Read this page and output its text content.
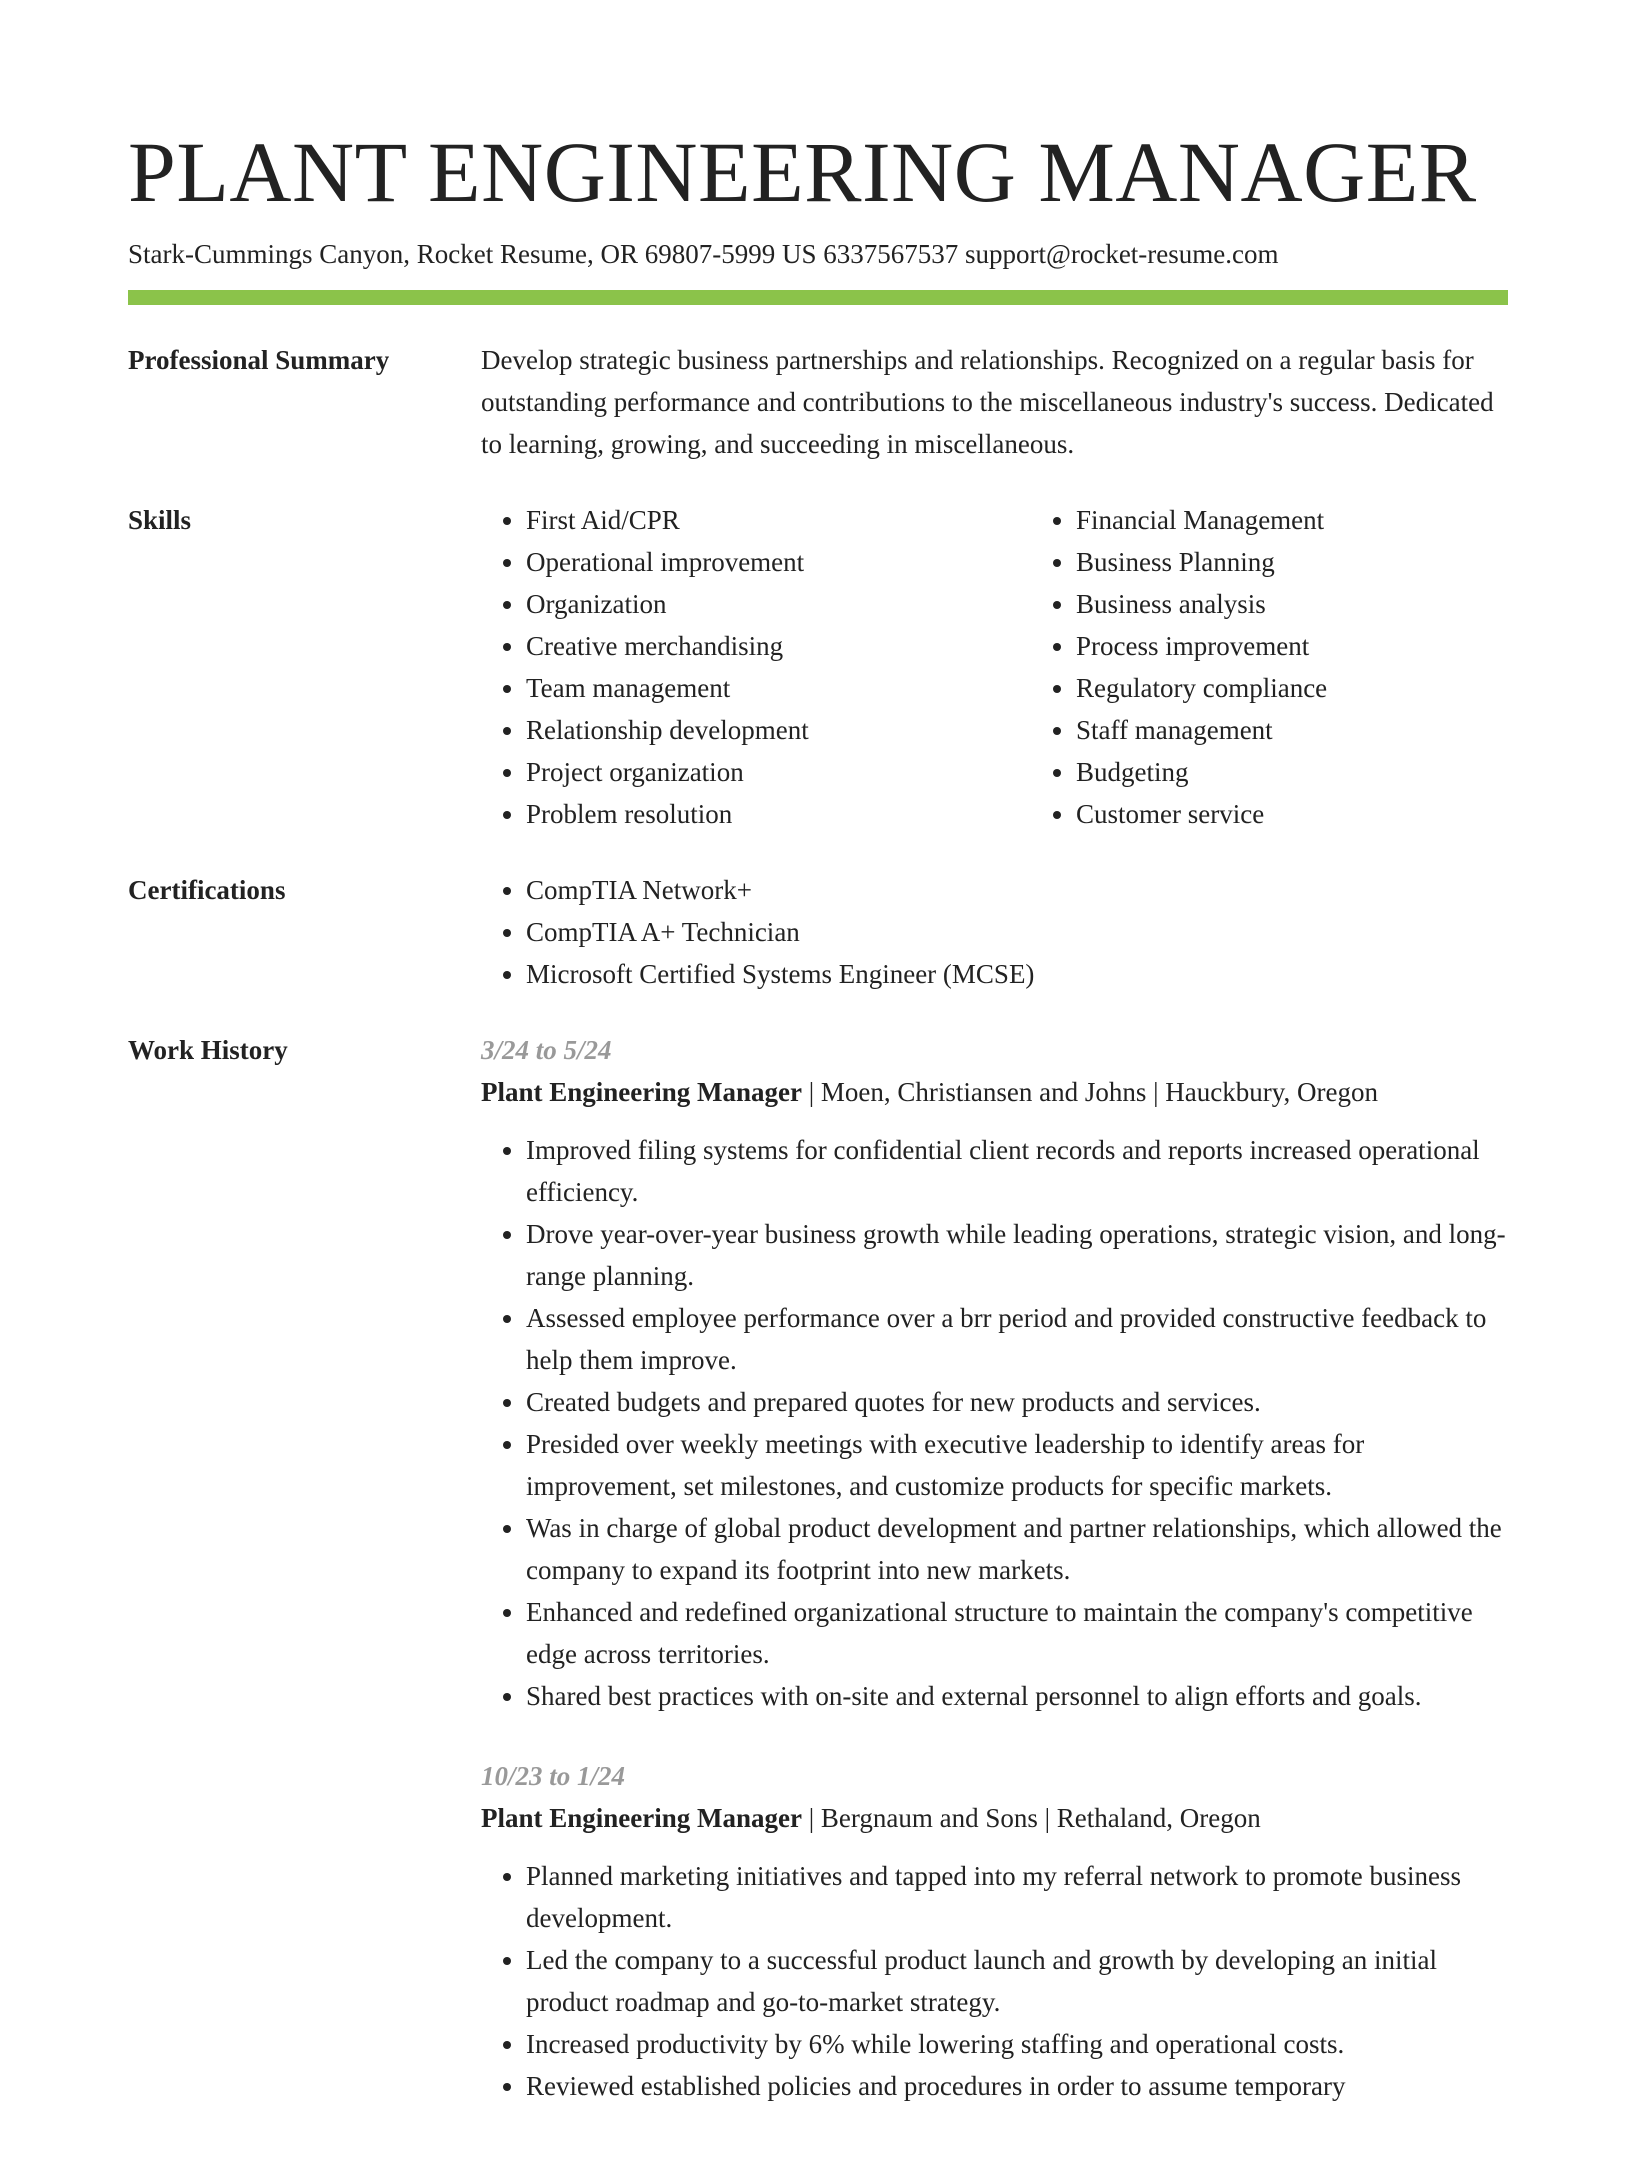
PLANT ENGINEERING MANAGER
Stark-Cummings Canyon, Rocket Resume, OR 69807-5999 US 6337567537 support@rocket-resume.com
Professional Summary	Develop strategic business partnerships and relationships. Recognized on a regular basis for outstanding performance and contributions to the miscellaneous industry's success. Dedicated to learning, growing, and succeeding in miscellaneous.

Skills	• First Aid/CPR
• Operational improvement
• Organization
• Creative merchandising
• Team management
• Relationship development
• Project organization
• Problem resolution
• Financial Management
• Business Planning
• Business analysis
• Process improvement
• Regulatory compliance
• Staff management
• Budgeting
• Customer service
Certifications	• CompTIA Network+
• CompTIA A+ Technician
• Microsoft Certified Systems Engineer (MCSE)
Work History	3/24 to 5/24
Plant Engineering Manager | Moen, Christiansen and Johns | Hauckbury, Oregon
• Improved filing systems for confidential client records and reports increased operational efficiency.
• Drove year-over-year business growth while leading operations, strategic vision, and long-range planning.
• Assessed employee performance over a brr period and provided constructive feedback to help them improve.
• Created budgets and prepared quotes for new products and services.
• Presided over weekly meetings with executive leadership to identify areas for improvement, set milestones, and customize products for specific markets.
• Was in charge of global product development and partner relationships, which allowed the company to expand its footprint into new markets.
• Enhanced and redefined organizational structure to maintain the company's competitive edge across territories.
• Shared best practices with on-site and external personnel to align efforts and goals.
10/23 to 1/24
Plant Engineering Manager | Bergnaum and Sons | Rethaland, Oregon
• Planned marketing initiatives and tapped into my referral network to promote business development.
• Led the company to a successful product launch and growth by developing an initial product roadmap and go-to-market strategy.
• Increased productivity by 6% while lowering staffing and operational costs.
• Reviewed established policies and procedures in order to assume temporary
